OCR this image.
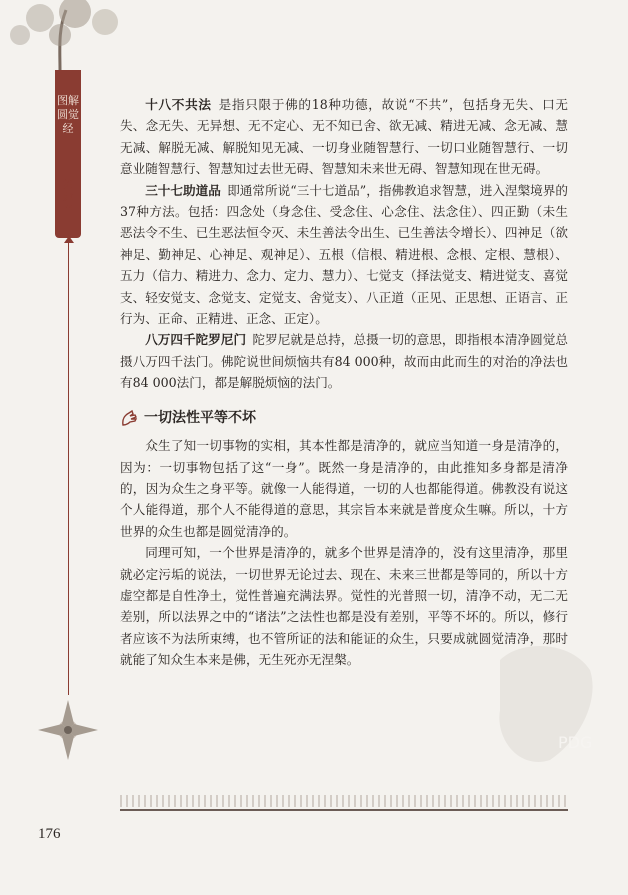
图解圆觉经
第肆章

十八不共法  是指只限于佛的18种功德，故说“不共”，包括身无失、口无失、念无失、无异想、无不定心、无不知已舍、欲无减、精进无减、念无减、慧无减、解脱无减、解脱知见无减、一切身业随智慧行、一切口业随智慧行、一切意业随智慧行、智慧知过去世无碍、智慧知未来世无碍、智慧知现在世无碍。

三十七助道品  即通常所说“三十七道品”，指佛教追求智慧，进入涅槃境界的37种方法。包括：四念处（身念住、受念住、心念住、法念住）、四正勤（未生恶法令不生、已生恶法恒令灭、未生善法令出生、已生善法令增长）、四神足（欲神足、勤神足、心神足、观神足）、五根（信根、精进根、念根、定根、慧根）、五力（信力、精进力、念力、定力、慧力）、七觉支（择法觉支、精进觉支、喜觉支、轻安觉支、念觉支、定觉支、舍觉支）、八正道（正见、正思想、正语言、正行为、正命、正精进、正念、正定）。

八万四千陀罗尼门  陀罗尼就是总持，总摄一切的意思，即指根本清净圆觉总摄八万四千法门。佛陀说世间烦恼共有84 000种，故而由此而生的对治的净法也有84 000法门，都是解脱烦恼的法门。

一切法性平等不坏

众生了知一切事物的实相，其本性都是清净的，就应当知道一身是清净的，因为：一切事物包括了这“一身”。既然一身是清净的，由此推知多身都是清净的，因为众生之身平等。就像一人能得道，一切的人也都能得道。佛教没有说这个人能得道，那个人不能得道的意思，其宗旨本来就是普度众生嘛。所以，十方世界的众生也都是圆觉清净的。

同理可知，一个世界是清净的，就多个世界是清净的，没有这里清净，那里就必定污垢的说法，一切世界无论过去、现在、未来三世都是等同的，所以十方虚空都是自性净土，觉性普遍充满法界。觉性的光普照一切，清净不动，无二无差别，所以法界之中的“诸法”之法性也都是没有差别，平等不坏的。所以，修行者应该不为法所束缚，也不管所证的法和能证的众生，只要成就圆觉清净，那时就能了知众生本来是佛，无生死亦无涅槃。

PDG
176
